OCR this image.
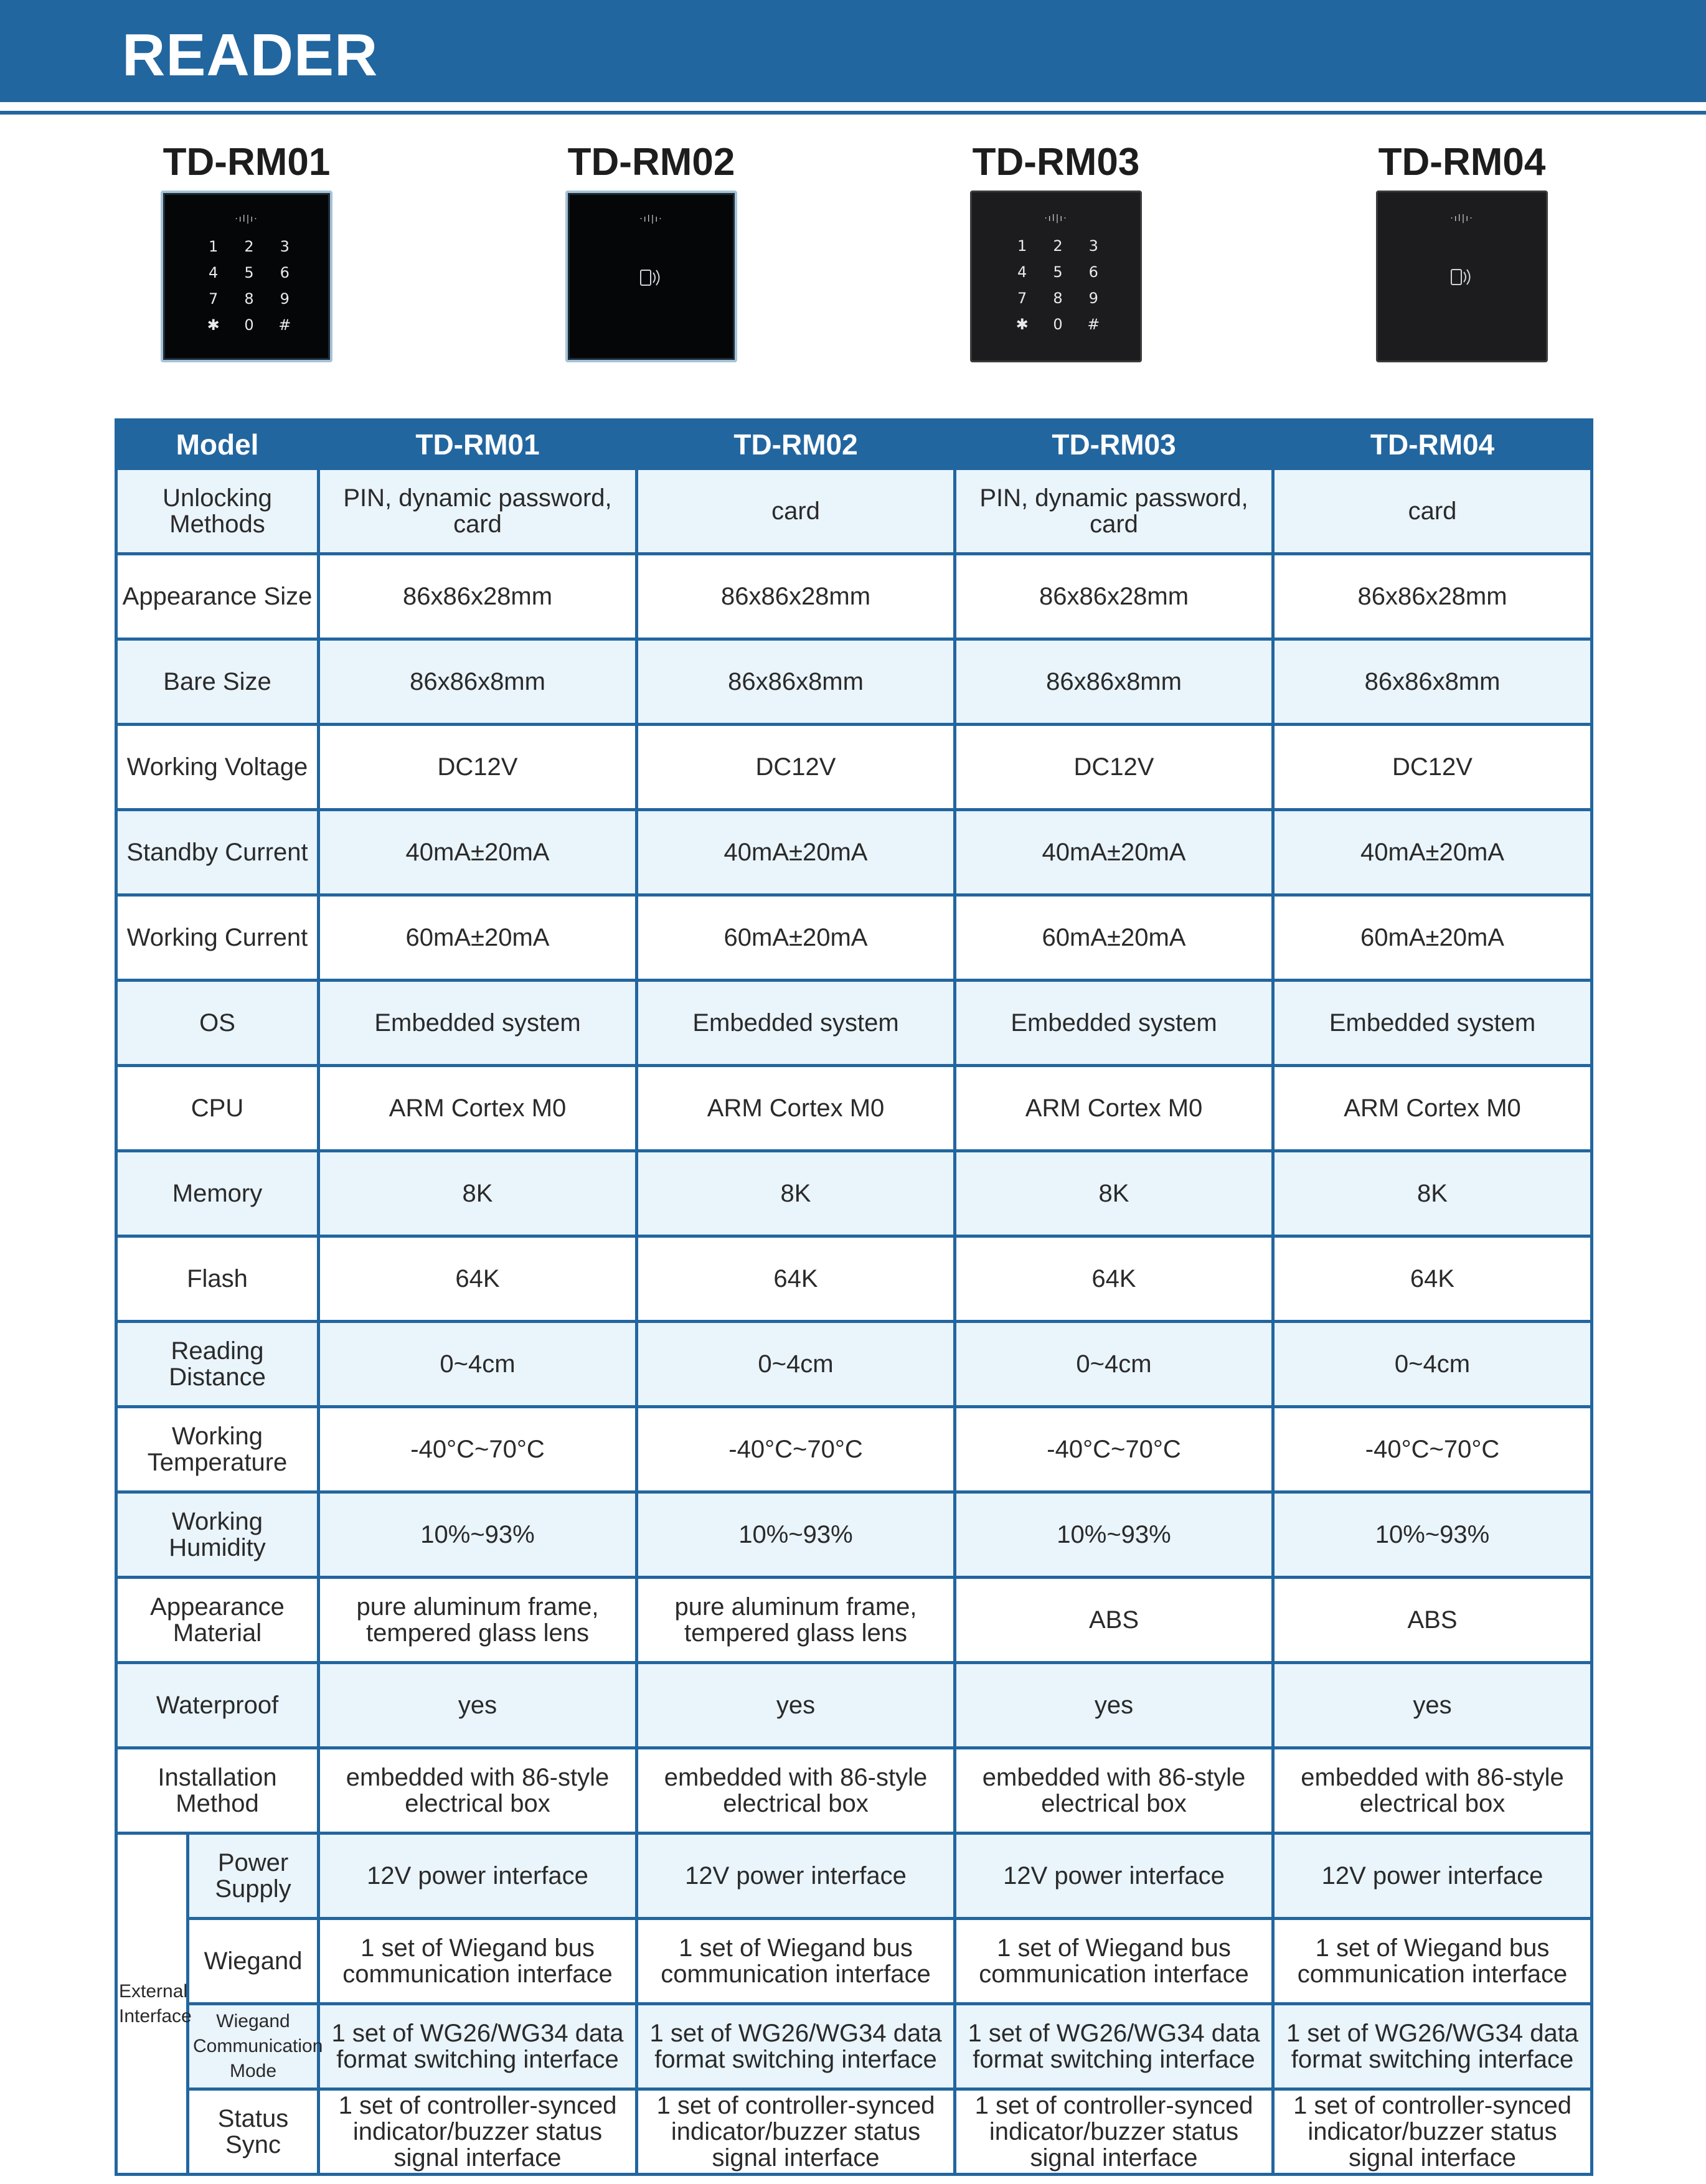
READER
TD-RM01
·ıl|ı·
1	2	3
4	5	6
7	8	9
✱	0	#
TD-RM02
·ıl|ı·
TD-RM03
·ıl|ı·
1	2	3
4	5	6
7	8	9
✱	0	#
TD-RM04
·ıl|ı·
Model		TD-RM01	TD-RM02	TD-RM03	TD-RM04
Unlocking Methods		PIN, dynamic password, card	card	PIN, dynamic password, card	card
Appearance Size		86x86x28mm	86x86x28mm	86x86x28mm	86x86x28mm
Bare Size		86x86x8mm	86x86x8mm	86x86x8mm	86x86x8mm
Working Voltage		DC12V	DC12V	DC12V	DC12V
Standby Current		40mA±20mA	40mA±20mA	40mA±20mA	40mA±20mA
Working Current		60mA±20mA	60mA±20mA	60mA±20mA	60mA±20mA
OS		Embedded system	Embedded system	Embedded system	Embedded system
CPU		ARM Cortex M0	ARM Cortex M0	ARM Cortex M0	ARM Cortex M0
Memory		8K	8K	8K	8K
Flash		64K	64K	64K	64K
Reading Distance		0~4cm	0~4cm	0~4cm	0~4cm
Working Temperature		-40°C~70°C	-40°C~70°C	-40°C~70°C	-40°C~70°C
Working Humidity		10%~93%	10%~93%	10%~93%	10%~93%
Appearance Material		pure aluminum frame, tempered glass lens	pure aluminum frame, tempered glass lens	ABS	ABS
Waterproof		yes	yes	yes	yes
Installation Method		embedded with 86-style electrical box	embedded with 86-style electrical box	embedded with 86-style electrical box	embedded with 86-style electrical box
External Interface	Power Supply	12V power interface	12V power interface	12V power interface	12V power interface
	Wiegand	1 set of Wiegand bus communication interface	1 set of Wiegand bus communication interface	1 set of Wiegand bus communication interface	1 set of Wiegand bus communication interface
	Wiegand Communication Mode	1 set of WG26/WG34 data format switching interface	1 set of WG26/WG34 data format switching interface	1 set of WG26/WG34 data format switching interface	1 set of WG26/WG34 data format switching interface
	Status Sync	1 set of controller-synced indicator/buzzer status signal interface	1 set of controller-synced indicator/buzzer status signal interface	1 set of controller-synced indicator/buzzer status signal interface	1 set of controller-synced indicator/buzzer status signal interface
